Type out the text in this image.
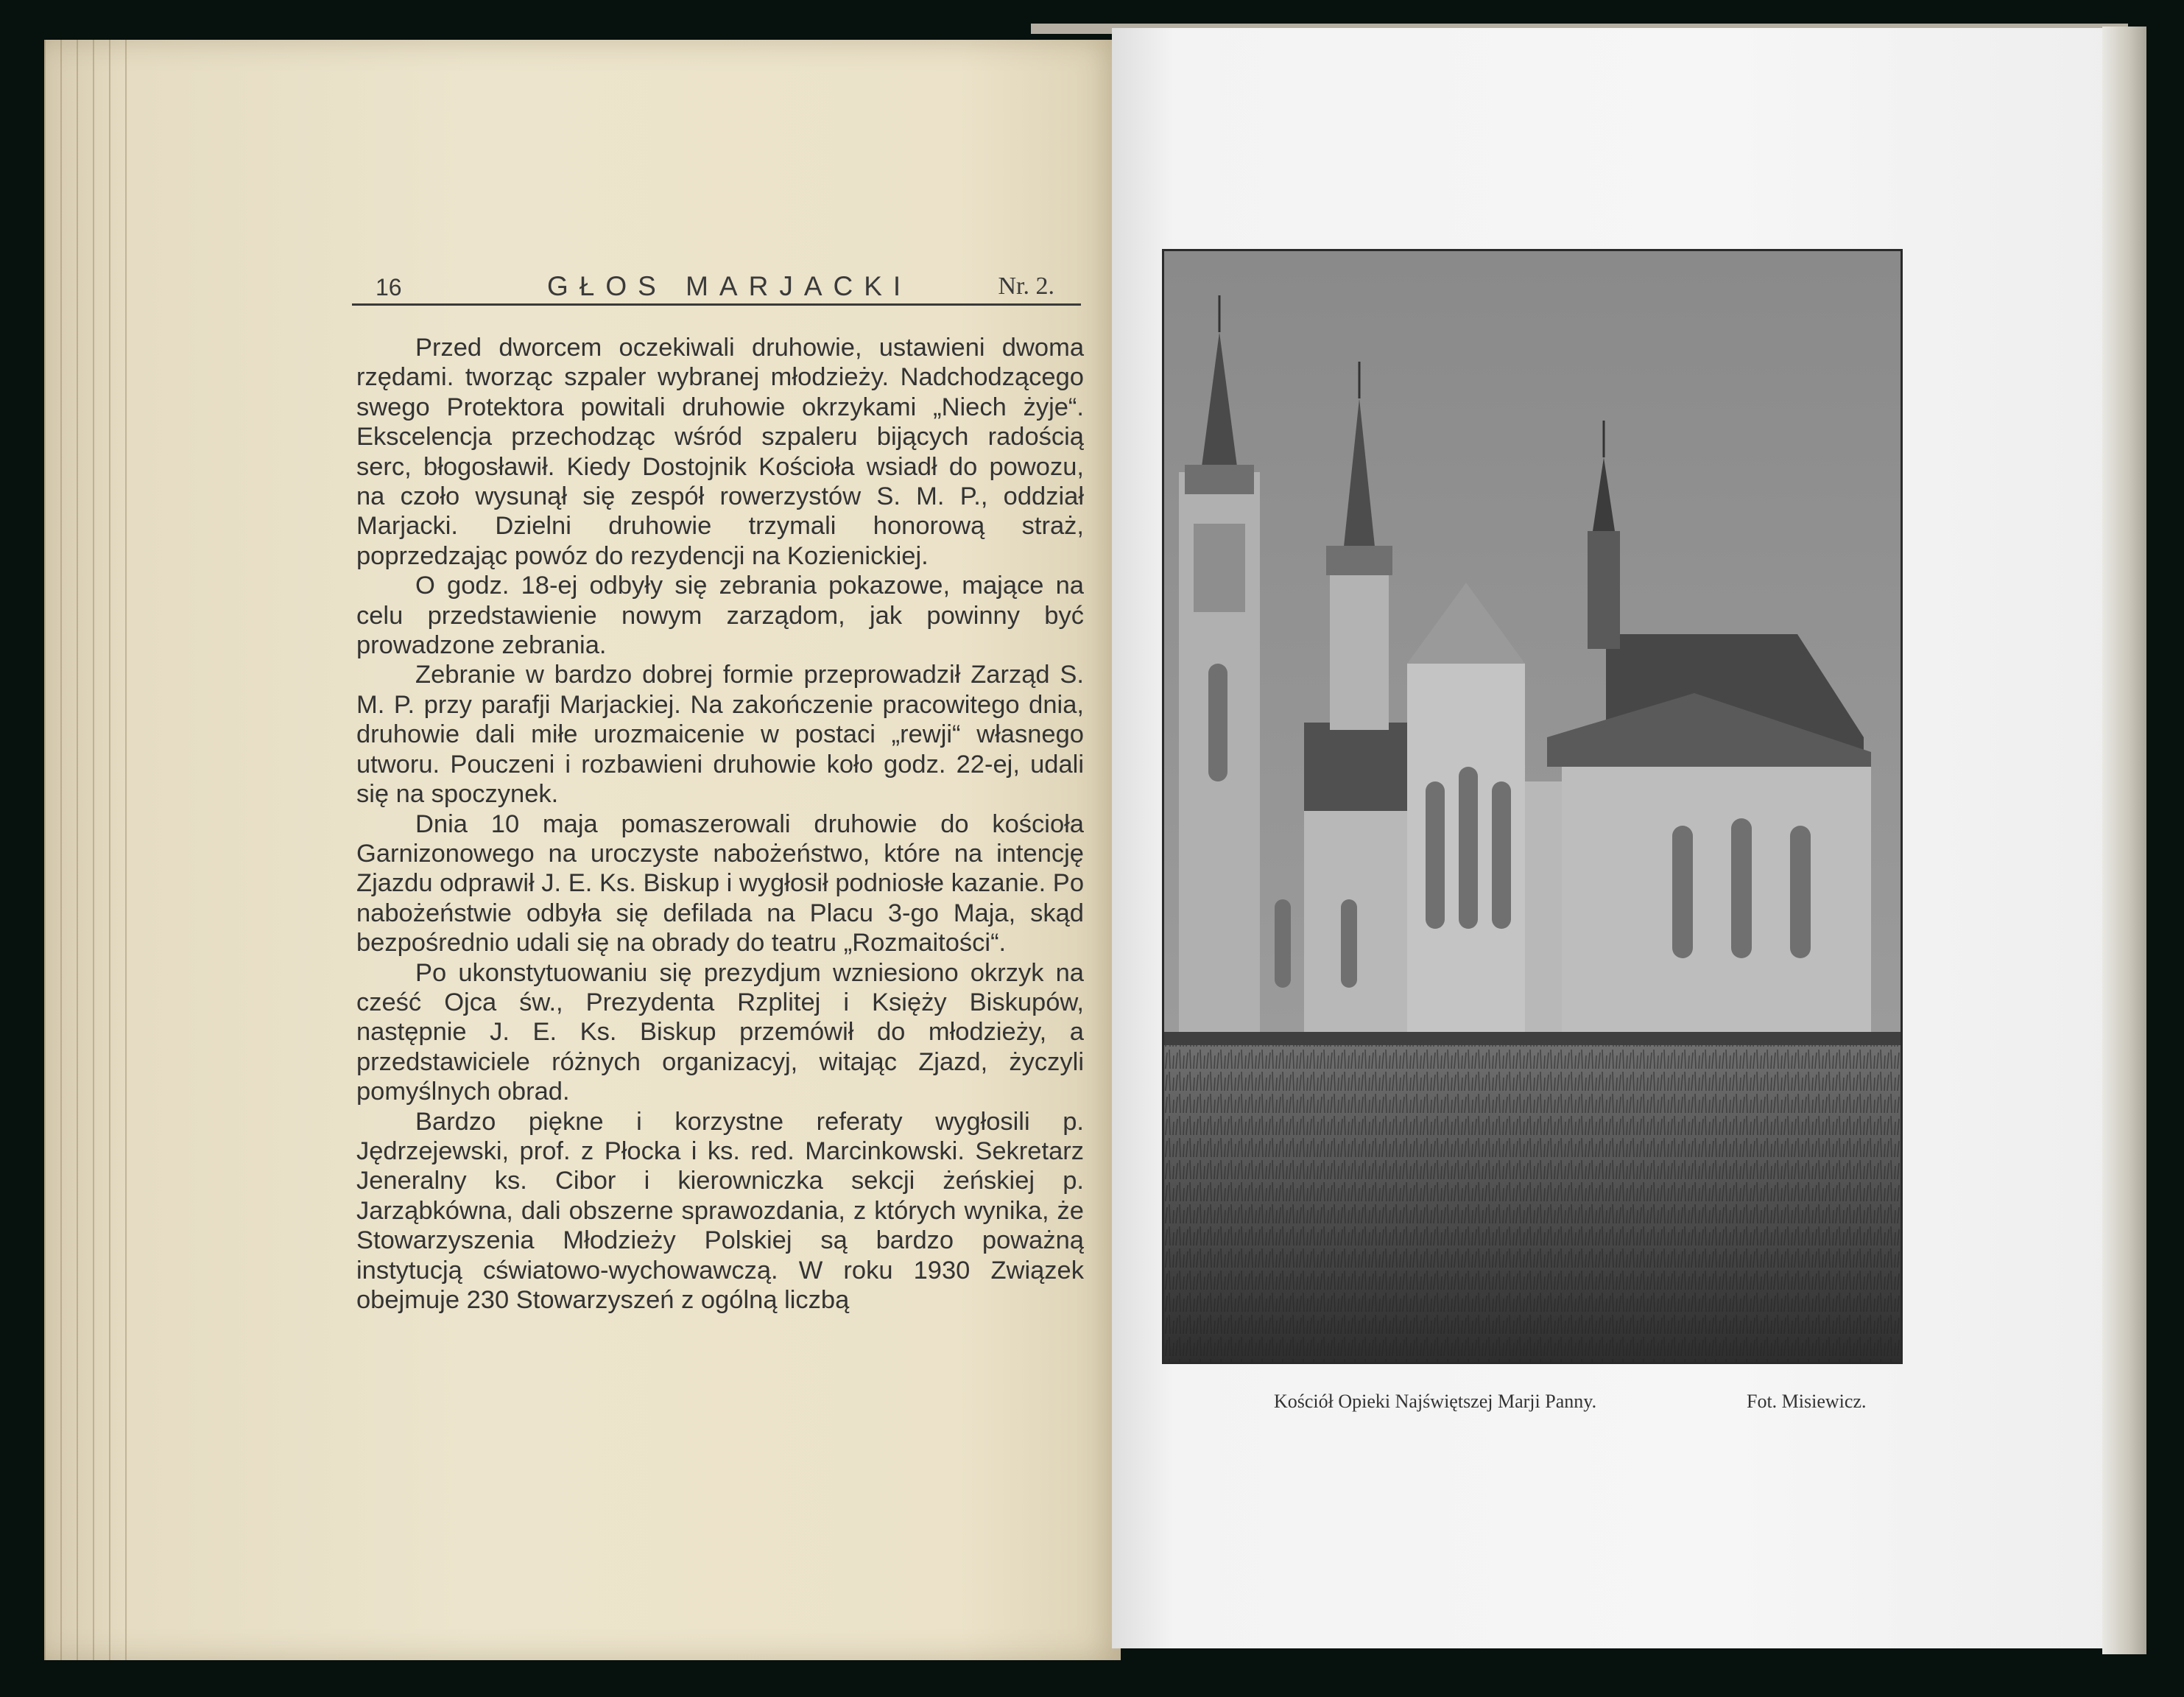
16	GŁOS MARJACKI	Nr. 2.

Przed dworcem oczekiwali druhowie, ustawieni dwoma rzędami. tworząc szpaler wybranej młodzieży. Nadchodzącego swego Protektora powitali druhowie okrzykami „Niech żyje“. Ekscelencja przechodząc wśród szpaleru bijących radością serc, błogosławił. Kiedy Dostojnik Kościoła wsiadł do powozu, na czoło wysunął się zespół rowerzystów S. M. P., oddział Marjacki. Dzielni druhowie trzymali honorową straż, poprzedzając powóz do rezydencji na Kozienickiej.

O godz. 18-ej odbyły się zebrania pokazowe, mające na celu przedstawienie nowym zarządom, jak powinny być prowadzone zebrania.

Zebranie w bardzo dobrej formie przeprowadził Zarząd S. M. P. przy parafji Marjackiej. Na zakończenie pracowitego dnia, druhowie dali miłe urozmaicenie w postaci „rewji“ własnego utworu. Pouczeni i rozbawieni druhowie koło godz. 22-ej, udali się na spoczynek.

Dnia 10 maja pomaszerowali druhowie do kościoła Garnizonowego na uroczyste nabożeństwo, które na intencję Zjazdu odprawił J. E. Ks. Biskup i wygłosił podniosłe kazanie. Po nabożeństwie odbyła się defilada na Placu 3-go Maja, skąd bezpośrednio udali się na obrady do teatru „Rozmaitości“.

Po ukonstytuowaniu się prezydjum wzniesiono okrzyk na cześć Ojca św., Prezydenta Rzplitej i Księży Biskupów, następnie J. E. Ks. Biskup przemówił do młodzieży, a przedstawiciele różnych organizacyj, witając Zjazd, życzyli pomyślnych obrad.

Bardzo piękne i korzystne referaty wygłosili p. Jędrzejewski, prof. z Płocka i ks. red. Marcinkowski. Sekretarz Jeneralny ks. Cibor i kierowniczka sekcji żeńskiej p. Jarząbkówna, dali obszerne sprawozdania, z których wynika, że Stowarzyszenia Młodzieży Polskiej są bardzo poważną instytucją cświatowo-wychowawczą. W roku 1930 Związek obejmuje 230 Stowarzyszeń z ogólną liczbą

Kościół Opieki Najświętszej Marji Panny.	Fot. Misiewicz.
